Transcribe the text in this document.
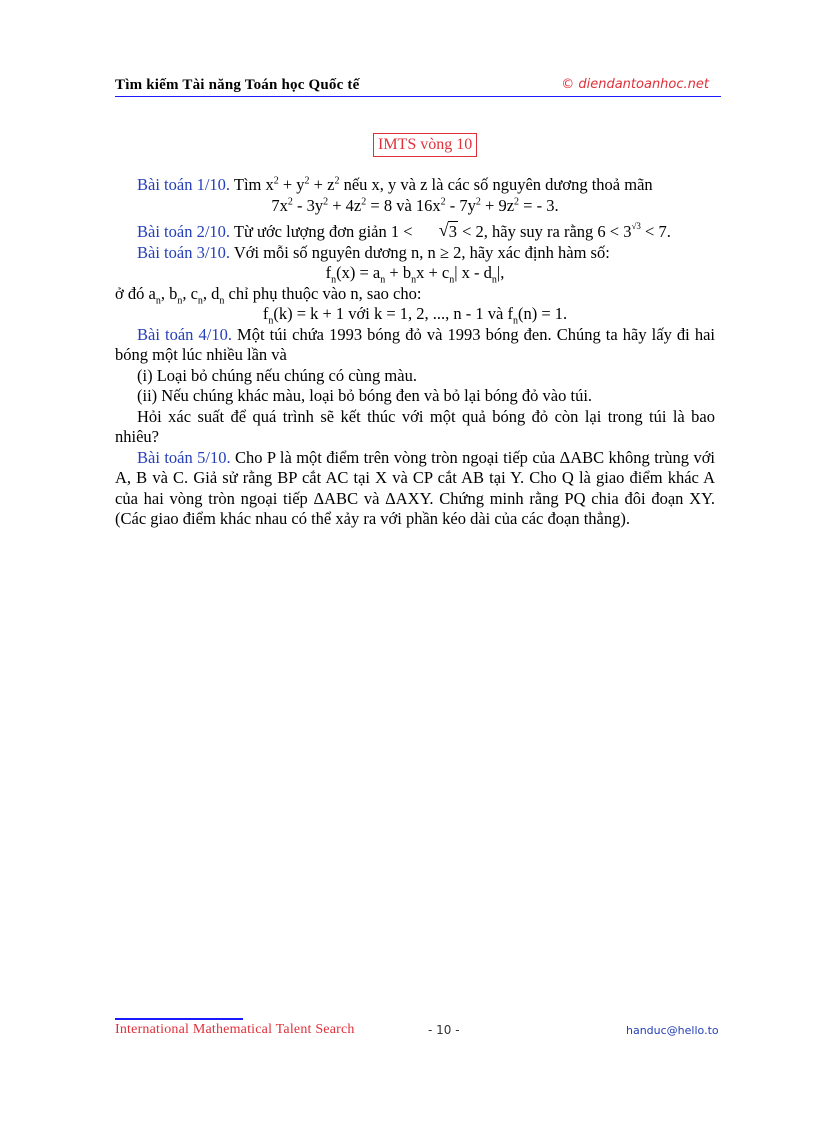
Tìm kiếm Tài năng Toán học Quốc tế	© diendantoanhoc.net
IMTS vòng 10

Bài toán 1/10. Tìm $x^2 + y^2 + z^2$ nếu x, y và z là các số nguyên dương thoả mãn

$7x^2 - 3y^2 + 4z^2 = 8$ và $16x^2 - 7y^2 + 9z^2$ = - 3.

Bài toán 2/10. Từ ước lượng đơn giản 1 <	√ 3 < 2, hãy suy ra rằng $6 < 3^{√3} < 7$.

Bài toán 3/10. Với mỗi số nguyên dương n, n ≥ 2, hãy xác định hàm số:

$f_n(x) = a_n + b_nx + c_n|$ x - $d_n|$,

ở đó $a_n$, $b_n$, $c_n$, $d_n$ chỉ phụ thuộc vào n, sao cho:

$f_n(k) = k + 1$ với k = 1, 2, ..., n - 1 và $f_n(n) = 1$.

Bài toán 4/10. Một túi chứa 1993 bóng đỏ và 1993 bóng đen. Chúng ta hãy lấy đi hai bóng một lúc nhiều lần và

(i) Loại bỏ chúng nếu chúng có cùng màu.

(ii) Nếu chúng khác màu, loại bỏ bóng đen và bỏ lại bóng đỏ vào túi.

Hỏi xác suất để quá trình sẽ kết thúc với một quả bóng đỏ còn lại trong túi là bao nhiêu?

Bài toán 5/10. Cho P là một điểm trên vòng tròn ngoại tiếp của ΔABC không trùng với A, B và C. Giả sử rằng BP cắt AC tại X và CP cắt AB tại Y. Cho Q là giao điểm khác A của hai vòng tròn ngoại tiếp ΔABC và ΔAXY. Chứng minh rằng PQ chia đôi đoạn XY. (Các giao điểm khác nhau có thể xảy ra với phần kéo dài của các đoạn thẳng).

International Mathematical Talent Search	- 10 -	handuc@hello.to
